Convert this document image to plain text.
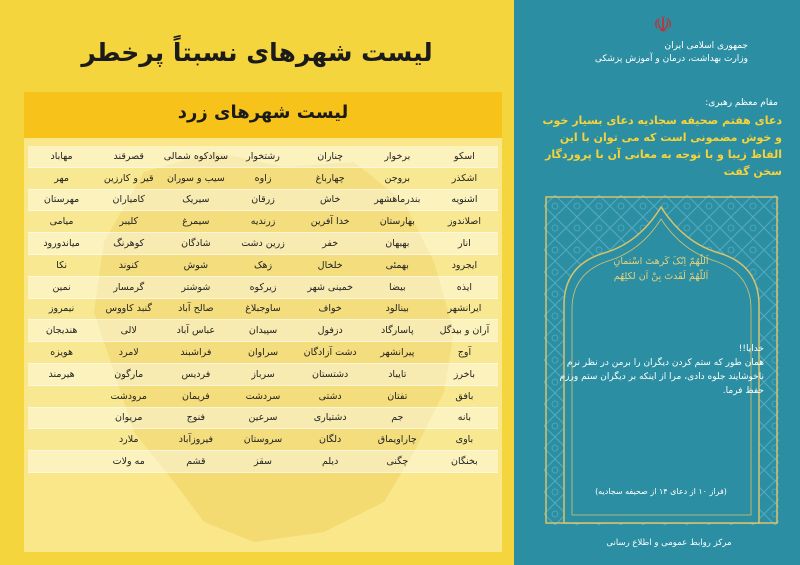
لیست شهرهای نسبتاً پرخطر
لیست شهرهای زرد
اسکو	برخوار	چناران	رشتخوار	سوادکوه شمالی	قصرقند	مهاباد
اشکذر	بروجن	چهارباغ	زاوه	سیب و سوران	قیر و کارزین	مهر
اشنویه	بندرماهشهر	خاش	زرقان	سیریک	کامیاران	مهرستان
اصلاندوز	بهارستان	خدا آفرین	زرندیه	سیمرغ	کلیبر	میامی
انار	بهبهان	خفر	زرین دشت	شادگان	کوهرنگ	میاندورود
ایجرود	بهمئی	خلخال	زهک	شوش	کنوند	نکا
ایذه	بیضا	خمینی شهر	زیرکوه	شوشتر	گرمسار	نمین
ایرانشهر	بینالود	خواف	ساوجبلاغ	صالح آباد	گنبد کاووس	نیمروز
آران و بیدگل	پاسارگاد	دزفول	سپیدان	عباس آباد	لالی	هندیجان
آوج	پیرانشهر	دشت آزادگان	سراوان	فراشبند	لامرد	هویزه
باخرز	تایباد	دشتستان	سرباز	فردیس	مارگون	هیرمند
بافق	تفتان	دشتی	سردشت	فریمان	مرودشت	
بانه	جم	دشتیاری	سرعین	فنوج	مریوان	
باوی	چاراویماق	دلگان	سروستان	فیروزآباد	ملارد	
بخنگان	چگنی	دیلم	سقز	قشم	مه ولات	
☫
جمهوری اسلامی ایران
وزارت بهداشت، درمان و آموزش پزشکی
مقام معظم رهبری:
دعای هفتم صحیفه سجادیه دعای بسیار خوب و خوش مضمونی است که می توان با این الفاظ زیبا و با توجه به معانی آن با پروردگار سخن گفت
اَللّهُمّ اِنّکَ کَرهتَ اسْتمانِ
اَللّهُمّ لَقَدتَ بِنْ اَن لکلِهُم
خدایا!!
همان طور که ستم کردن دیگران را برمن در نظر نرم ناخوشایند جلوه دادی، مرا از اینکه بر دیگران ستم ورزم حفظ فرما.
(فراز ۱۰ از دعای ۱۴ از صحیفه سجادیه)
مرکز روابط عمومی و اطلاع رسانی
